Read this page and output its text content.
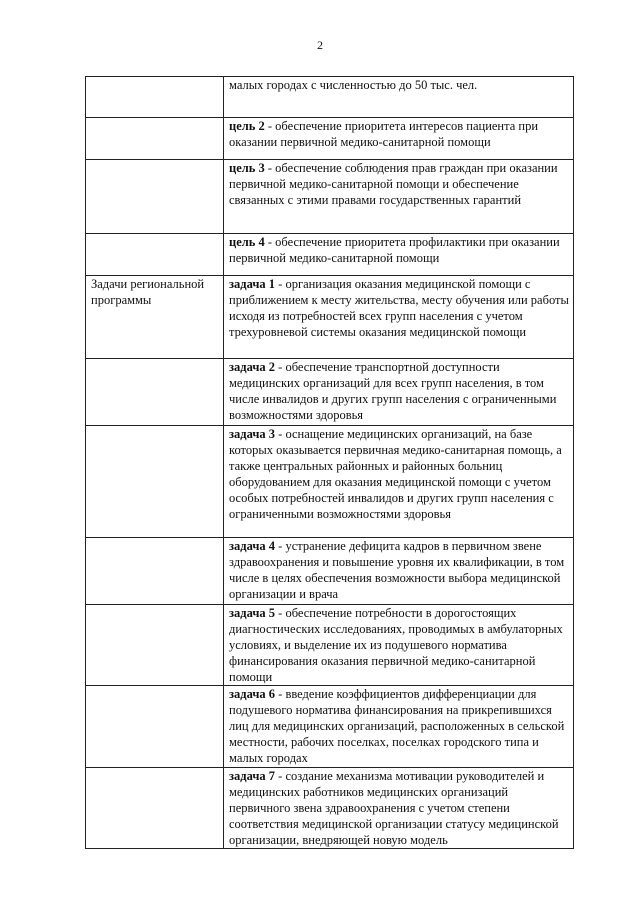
2
	малых городах с численностью до 50 тыс. чел.
	цель 2 - обеспечение приоритета интересов пациента при оказании первичной медико-санитарной помощи
	цель 3 - обеспечение соблюдения прав граждан при оказании первичной медико-санитарной помощи и обеспечение связанных с этими правами государственных гарантий
	цель 4 - обеспечение приоритета профилактики при оказании первичной медико-санитарной помощи
Задачи региональной программы	задача 1 - организация оказания медицинской помощи с приближением к месту жительства, месту обучения или работы исходя из потребностей всех групп населения с учетом трехуровневой системы оказания медицинской помощи
	задача 2 - обеспечение транспортной доступности медицинских организаций для всех групп населения, в том числе инвалидов и других групп населения с ограниченными возможностями здоровья
	задача 3 - оснащение медицинских организаций, на базе которых оказывается первичная медико-санитарная помощь, а также центральных районных и районных больниц оборудованием для оказания медицинской помощи с учетом особых потребностей инвалидов и других групп населения с ограниченными возможностями здоровья
	задача 4 - устранение дефицита кадров в первичном звене здравоохранения и повышение уровня их квалификации, в том числе в целях обеспечения возможности выбора медицинской организации и врача
	задача 5 - обеспечение потребности в дорогостоящих диагностических исследованиях, проводимых в амбулаторных условиях, и выделение их из подушевого норматива финансирования оказания первичной медико-санитарной помощи
	задача 6 - введение коэффициентов дифференциации для подушевого норматива финансирования на прикрепившихся лиц для медицинских организаций, расположенных в сельской местности, рабочих поселках, поселках городского типа и малых городах
	задача 7 - создание механизма мотивации руководителей и медицинских работников медицинских организаций первичного звена здравоохранения с учетом степени соответствия медицинской организации статусу медицинской организации, внедряющей новую модель
